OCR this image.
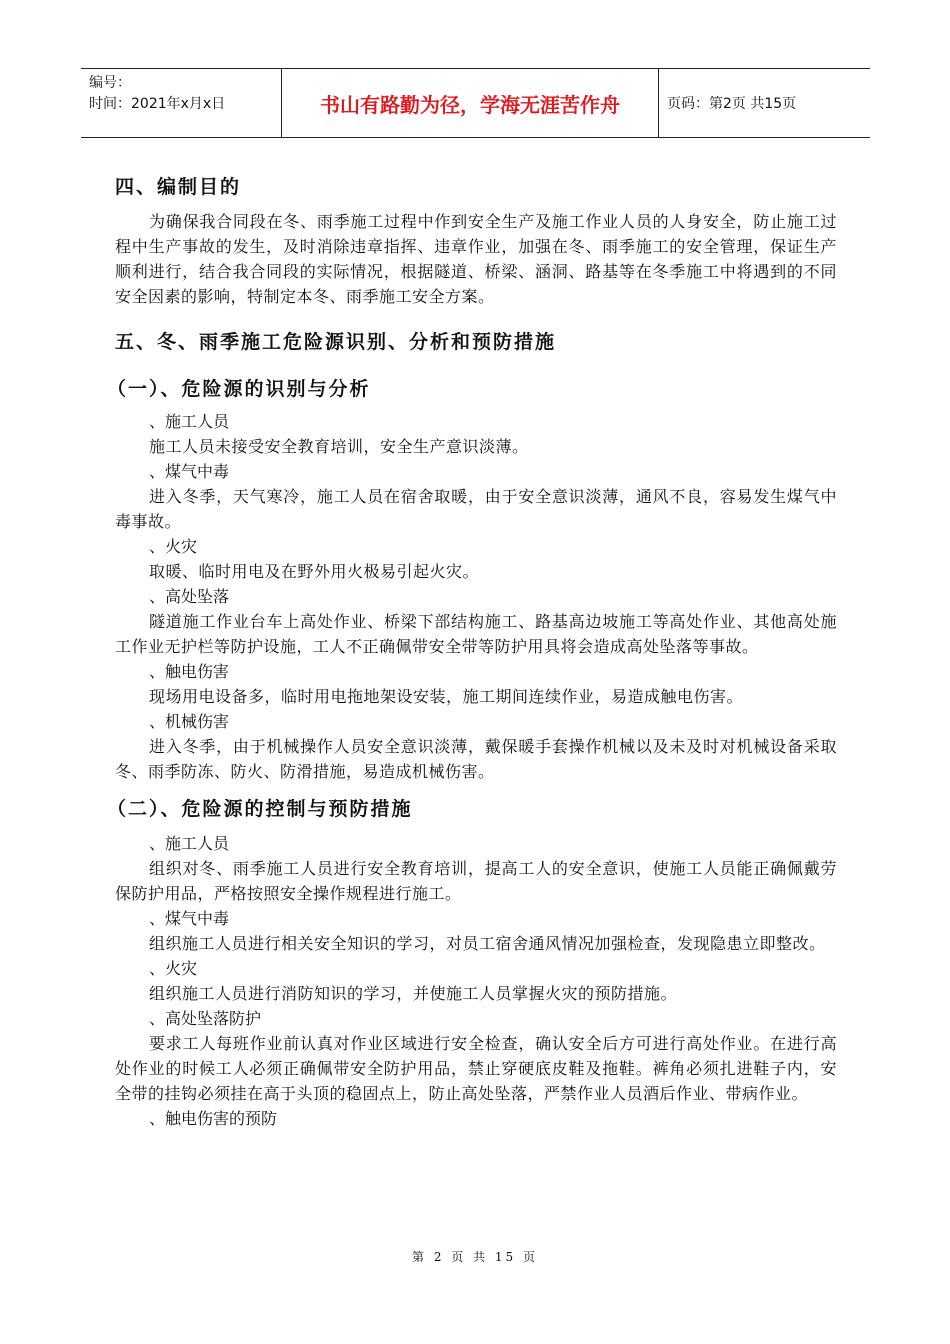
编号：
时间：2021年x月x日	书山有路勤为径，学海无涯苦作舟	页码：第2页 共15页
四、编制目的

为确保我合同段在冬、雨季施工过程中作到安全生产及施工作业人员的人身安全，防止施工过程中生产事故的发生，及时消除违章指挥、违章作业，加强在冬、雨季施工的安全管理，保证生产顺利进行，结合我合同段的实际情况，根据隧道、桥梁、涵洞、路基等在冬季施工中将遇到的不同安全因素的影响，特制定本冬、雨季施工安全方案。

五、冬、雨季施工危险源识别、分析和预防措施
（一）、危险源的识别与分析

、施工人员

施工人员未接受安全教育培训，安全生产意识淡薄。

、煤气中毒

进入冬季，天气寒冷，施工人员在宿舍取暖，由于安全意识淡薄，通风不良，容易发生煤气中毒事故。

、火灾

取暖、临时用电及在野外用火极易引起火灾。

、高处坠落

隧道施工作业台车上高处作业、桥梁下部结构施工、路基高边坡施工等高处作业、其他高处施工作业无护栏等防护设施，工人不正确佩带安全带等防护用具将会造成高处坠落等事故。

、触电伤害

现场用电设备多，临时用电拖地架设安装，施工期间连续作业，易造成触电伤害。

、机械伤害

进入冬季，由于机械操作人员安全意识淡薄，戴保暖手套操作机械以及未及时对机械设备采取冬、雨季防冻、防火、防滑措施，易造成机械伤害。

（二）、危险源的控制与预防措施

、施工人员

组织对冬、雨季施工人员进行安全教育培训，提高工人的安全意识，使施工人员能正确佩戴劳保防护用品，严格按照安全操作规程进行施工。

、煤气中毒

组织施工人员进行相关安全知识的学习，对员工宿舍通风情况加强检查，发现隐患立即整改。

、火灾

组织施工人员进行消防知识的学习，并使施工人员掌握火灾的预防措施。

、高处坠落防护

要求工人每班作业前认真对作业区域进行安全检查，确认安全后方可进行高处作业。在进行高处作业的时候工人必须正确佩带安全防护用品，禁止穿硬底皮鞋及拖鞋。裤角必须扎进鞋子内，安全带的挂钩必须挂在高于头顶的稳固点上，防止高处坠落，严禁作业人员酒后作业、带病作业。

、触电伤害的预防

第 2 页 共 15 页
